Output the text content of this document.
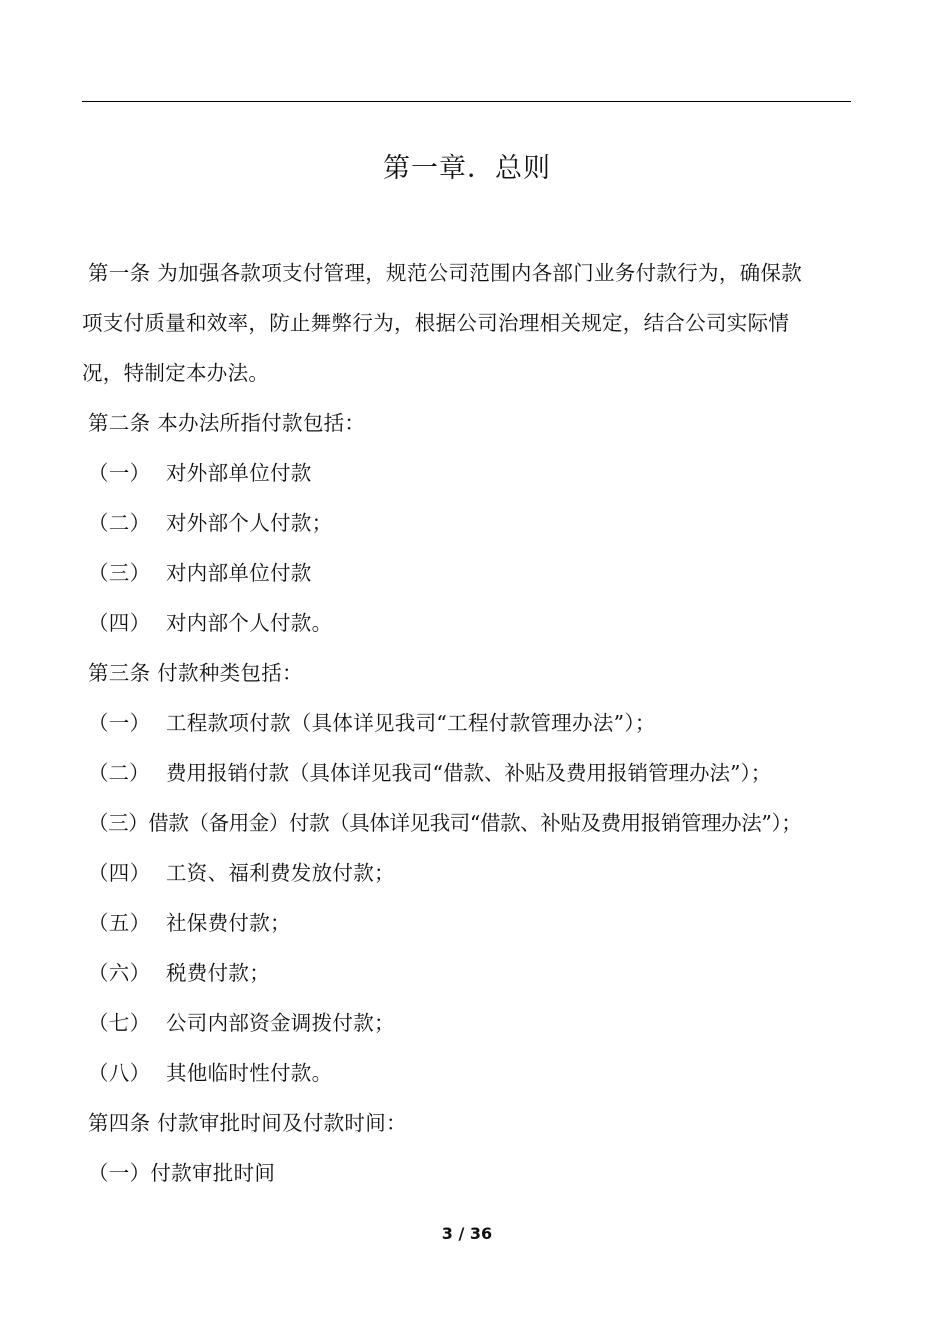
第一章．总则
第一条 为加强各款项支付管理，规范公司范围内各部门业务付款行为，确保款
项支付质量和效率，防止舞弊行为，根据公司治理相关规定，结合公司实际情
况，特制定本办法。
第二条 本办法所指付款包括：
（一） 对外部单位付款
（二） 对外部个人付款；
（三） 对内部单位付款
（四） 对内部个人付款。
第三条 付款种类包括：
（一） 工程款项付款（具体详见我司“工程付款管理办法”）；
（二） 费用报销付款（具体详见我司“借款、补贴及费用报销管理办法”）；
（三）借款（备用金）付款（具体详见我司“借款、补贴及费用报销管理办法”）；
（四） 工资、福利费发放付款；
（五） 社保费付款；
（六） 税费付款；
（七） 公司内部资金调拨付款；
（八） 其他临时性付款。
第四条 付款审批时间及付款时间：
（一）付款审批时间
3 / 36
